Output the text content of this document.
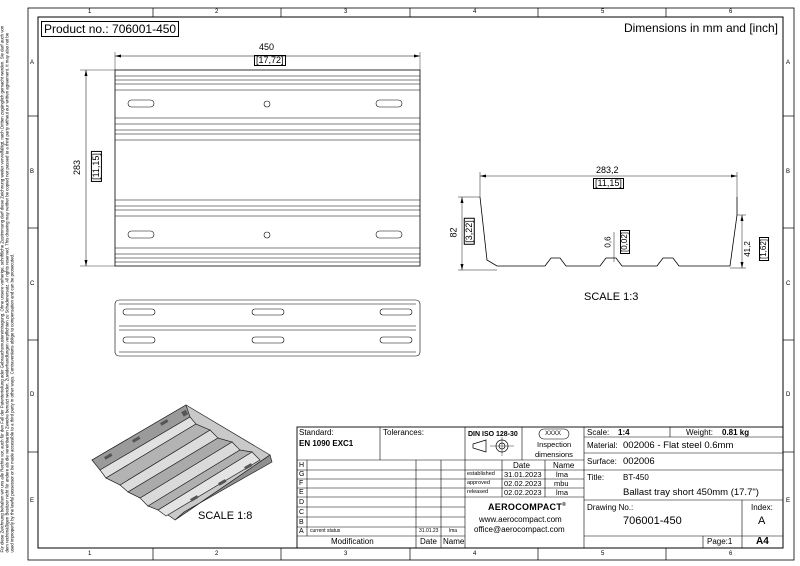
1	2	3	4	5	6
1	2	3	4	5	6
A
B
C
D
E
A
B
C
D
E
Für diese Zeichnung behalten wir uns alle Rechte vor, auch für den Fall der Patenterteilung oder Gebrauchsmustereintragung. Ohne unsere vorherige, schriftliche Zustimmung darf diese Zeichnung weder vervielfältigt, noch Dritten zugänglich gemacht werden. Sie darf auch von dem rechtmäßigen Besitzer nicht für andere als die vereinbarten Zwecke benutzt werden. Zuwiderhandlungen verpflichten zu Schadenersatz. All rights reserved. This drawing may neither be copied nor passed to a third party without our written agreement. It may also not be used improperly by the lawful possessor or be made accessible to a third party in other ways. Contraventions oblige to compensation and can be prosecuted.
Product no.: 706001-450	Dimensions in mm and [inch]
450
[17,72]
283 [11,15]	283,2
[11,15]
82 [3,22]	0,6 [0,02]	41,2 [1,62]
SCALE 1:3
SCALE 1:8
Standard:
EN 1090 EXC1
Tolerances:	DIN ISO 128-30	XXXX
Inspection
dimensions
H
G
F
E
D
C
B
A current status	31.01.23 lma
Modification	Date Name
Date	Name
established 31.01.2023 lma
approved 02.02.2023 mbu
released 02.02.2023 lma
AEROCOMPACT®
www.aerocompact.com
office@aerocompact.com
Scale: 1:4	Weight: 0.81 kg
Material: 002006 - Flat steel 0.6mm
Surface: 002006
Title: BT-450
Ballast tray short 450mm (17.7")
Drawing No.:
706001-450
Index:
A
Page:1 A4
